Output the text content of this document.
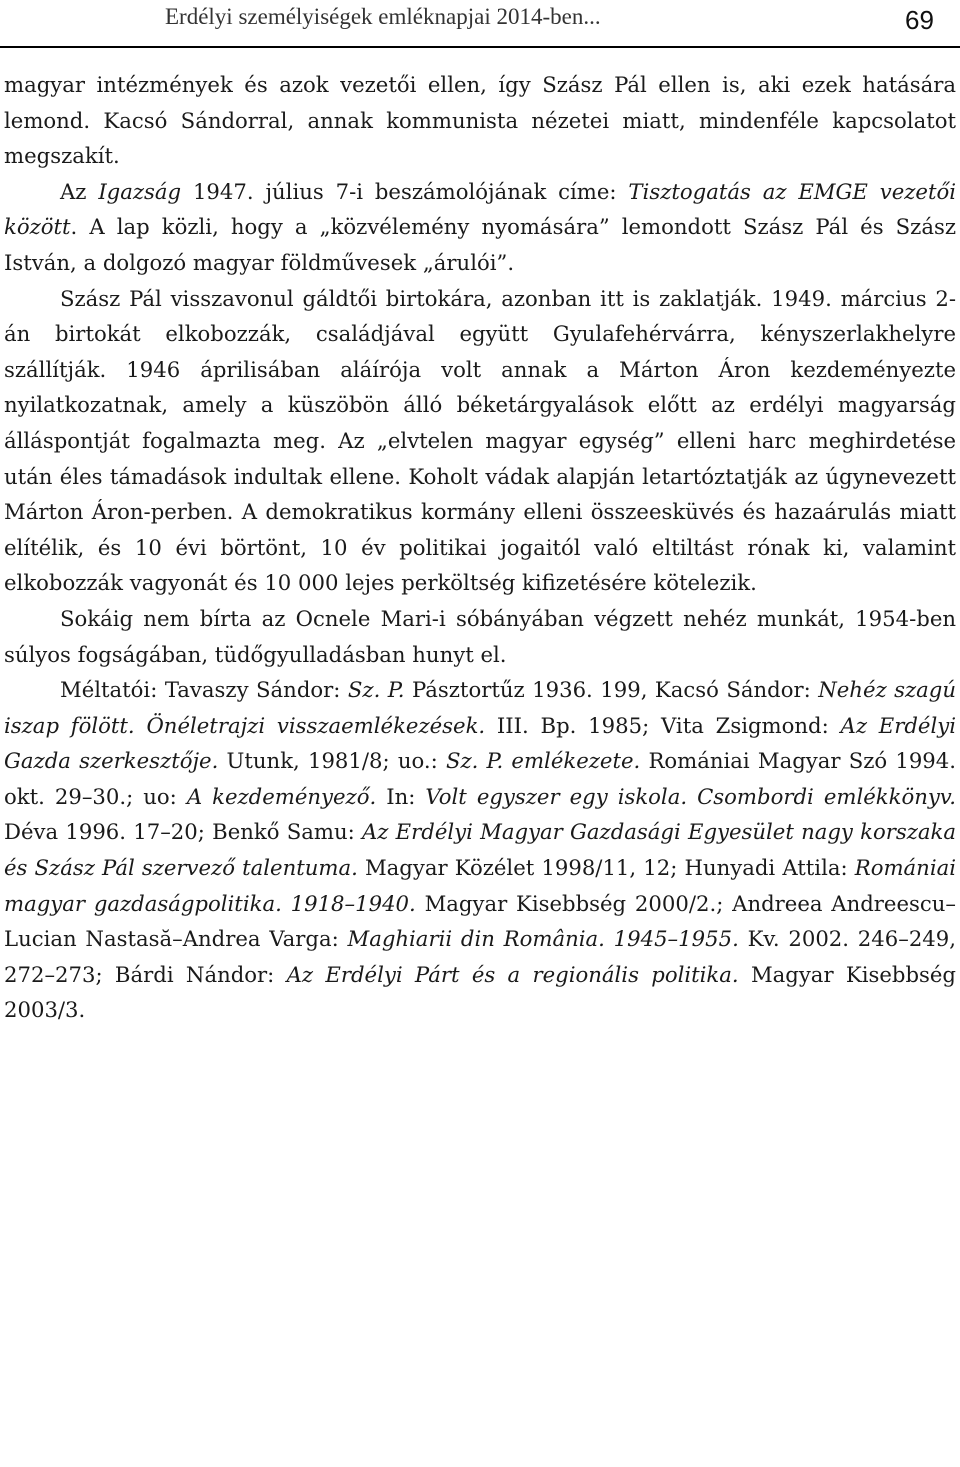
Erdélyi személyiségek emléknapjai 2014-ben...	69

magyar intézmények és azok vezetői ellen, így Szász Pál ellen is, aki ezek hatására lemond. Kacsó Sándorral, annak kommunista nézetei miatt, mindenféle kapcsolatot megszakít.

Az Igazság 1947. július 7-i beszámolójának címe: Tisztogatás az EMGE vezetői között. A lap közli, hogy a „közvélemény nyomására” lemondott Szász Pál és Szász István, a dolgozó magyar földművesek „árulói”.

Szász Pál visszavonul gáldtői birtokára, azonban itt is zaklatják. 1949. március 2-án birtokát elkobozzák, családjával együtt Gyulafehérvárra, kényszerlakhelyre szállítják. 1946 áprilisában aláírója volt annak a Márton Áron kezdeményezte nyilatkozatnak, amely a küszöbön álló béketárgyalások előtt az erdélyi magyarság álláspontját fogalmazta meg. Az „elvtelen magyar egység” elleni harc meghirdetése után éles támadások indultak ellene. Koholt vádak alapján letartóztatják az úgynevezett Márton Áron-perben. A demokratikus kormány elleni összeesküvés és hazaárulás miatt elítélik, és 10 évi börtönt, 10 év politikai jogaitól való eltiltást rónak ki, valamint elkobozzák vagyonát és 10 000 lejes perköltség kifizetésére kötelezik.

Sokáig nem bírta az Ocnele Mari-i sóbányában végzett nehéz munkát, 1954-ben súlyos fogságában, tüdőgyulladásban hunyt el.

Méltatói: Tavaszy Sándor: Sz. P. Pásztortűz 1936. 199, Kacsó Sándor: Nehéz szagú iszap fölött. Önéletrajzi visszaemlékezések. III. Bp. 1985; Vita Zsigmond: Az Erdélyi Gazda szerkesztője. Utunk, 1981/8; uo.: Sz. P. emlékezete. Romániai Magyar Szó 1994. okt. 29–30.; uo: A kezdeményező. In: Volt egyszer egy iskola. Csombordi emlékkönyv. Déva 1996. 17–20; Benkő Samu: Az Erdélyi Magyar Gazdasági Egyesület nagy korszaka és Szász Pál szervező talentuma. Magyar Közélet 1998/11, 12; Hunyadi Attila: Romániai magyar gazdaságpolitika. 1918–1940. Magyar Kisebbség 2000/2.; Andreea Andreescu–Lucian Nastasă–Andrea Varga: Maghiarii din România. 1945–1955. Kv. 2002. 246–249, 272–273; Bárdi Nándor: Az Erdélyi Párt és a regionális politika. Magyar Kisebbség 2003/3.
